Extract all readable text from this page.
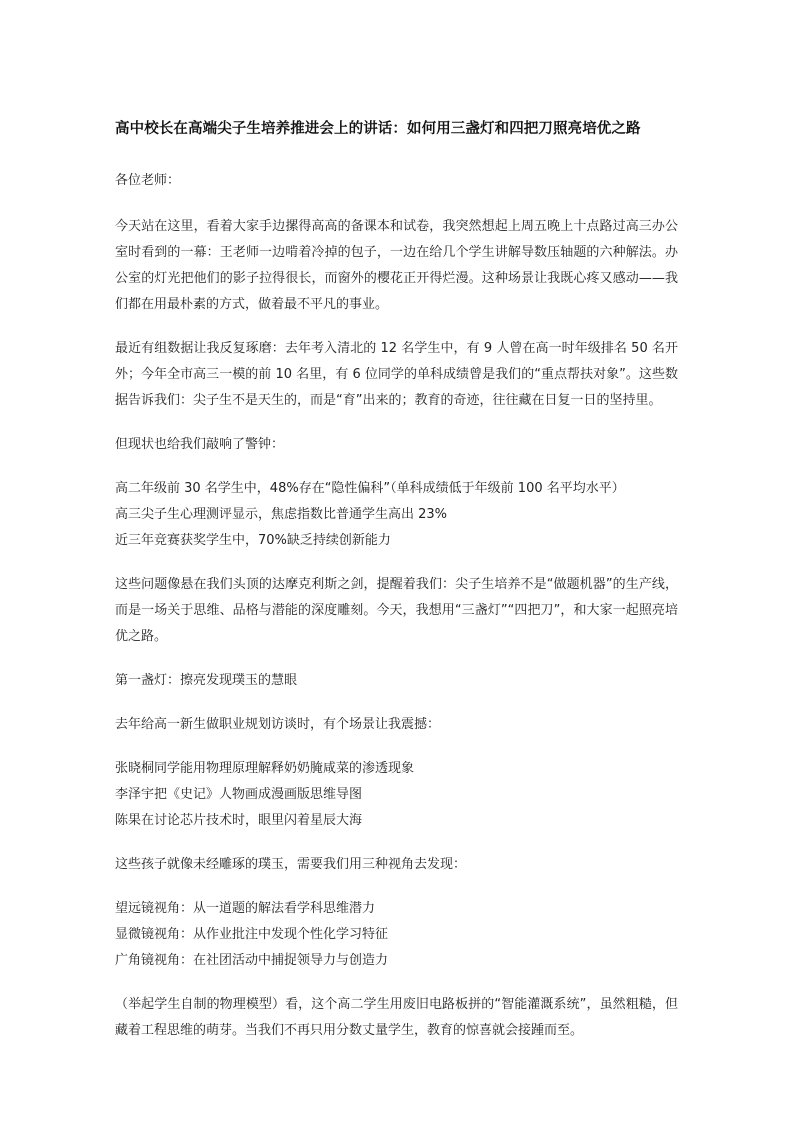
高中校长在高端尖子生培养推进会上的讲话：如何用三盏灯和四把刀照亮培优之路

各位老师：

今天站在这里，看着大家手边摞得高高的备课本和试卷，我突然想起上周五晚上十点路过高三办公室时看到的一幕：王老师一边啃着冷掉的包子，一边在给几个学生讲解导数压轴题的六种解法。办公室的灯光把他们的影子拉得很长，而窗外的樱花正开得烂漫。这种场景让我既心疼又感动——我们都在用最朴素的方式，做着最不平凡的事业。

最近有组数据让我反复琢磨：去年考入清北的 12 名学生中，有 9 人曾在高一时年级排名 50 名开外；今年全市高三一模的前 10 名里，有 6 位同学的单科成绩曾是我们的“重点帮扶对象”。这些数据告诉我们：尖子生不是天生的，而是“育”出来的；教育的奇迹，往往藏在日复一日的坚持里。

但现状也给我们敲响了警钟：

高二年级前 30 名学生中，48%存在“隐性偏科”（单科成绩低于年级前 100 名平均水平）

高三尖子生心理测评显示，焦虑指数比普通学生高出 23%

近三年竞赛获奖学生中，70%缺乏持续创新能力

这些问题像悬在我们头顶的达摩克利斯之剑，提醒着我们：尖子生培养不是“做题机器”的生产线，而是一场关于思维、品格与潜能的深度雕刻。今天，我想用“三盏灯”“四把刀”，和大家一起照亮培优之路。

第一盏灯：擦亮发现璞玉的慧眼

去年给高一新生做职业规划访谈时，有个场景让我震撼：

张晓桐同学能用物理原理解释奶奶腌咸菜的渗透现象

李泽宇把《史记》人物画成漫画版思维导图

陈果在讨论芯片技术时，眼里闪着星辰大海

这些孩子就像未经雕琢的璞玉，需要我们用三种视角去发现：

望远镜视角：从一道题的解法看学科思维潜力

显微镜视角：从作业批注中发现个性化学习特征

广角镜视角：在社团活动中捕捉领导力与创造力

（举起学生自制的物理模型）看，这个高二学生用废旧电路板拼的“智能灌溉系统”，虽然粗糙，但藏着工程思维的萌芽。当我们不再只用分数丈量学生，教育的惊喜就会接踵而至。
